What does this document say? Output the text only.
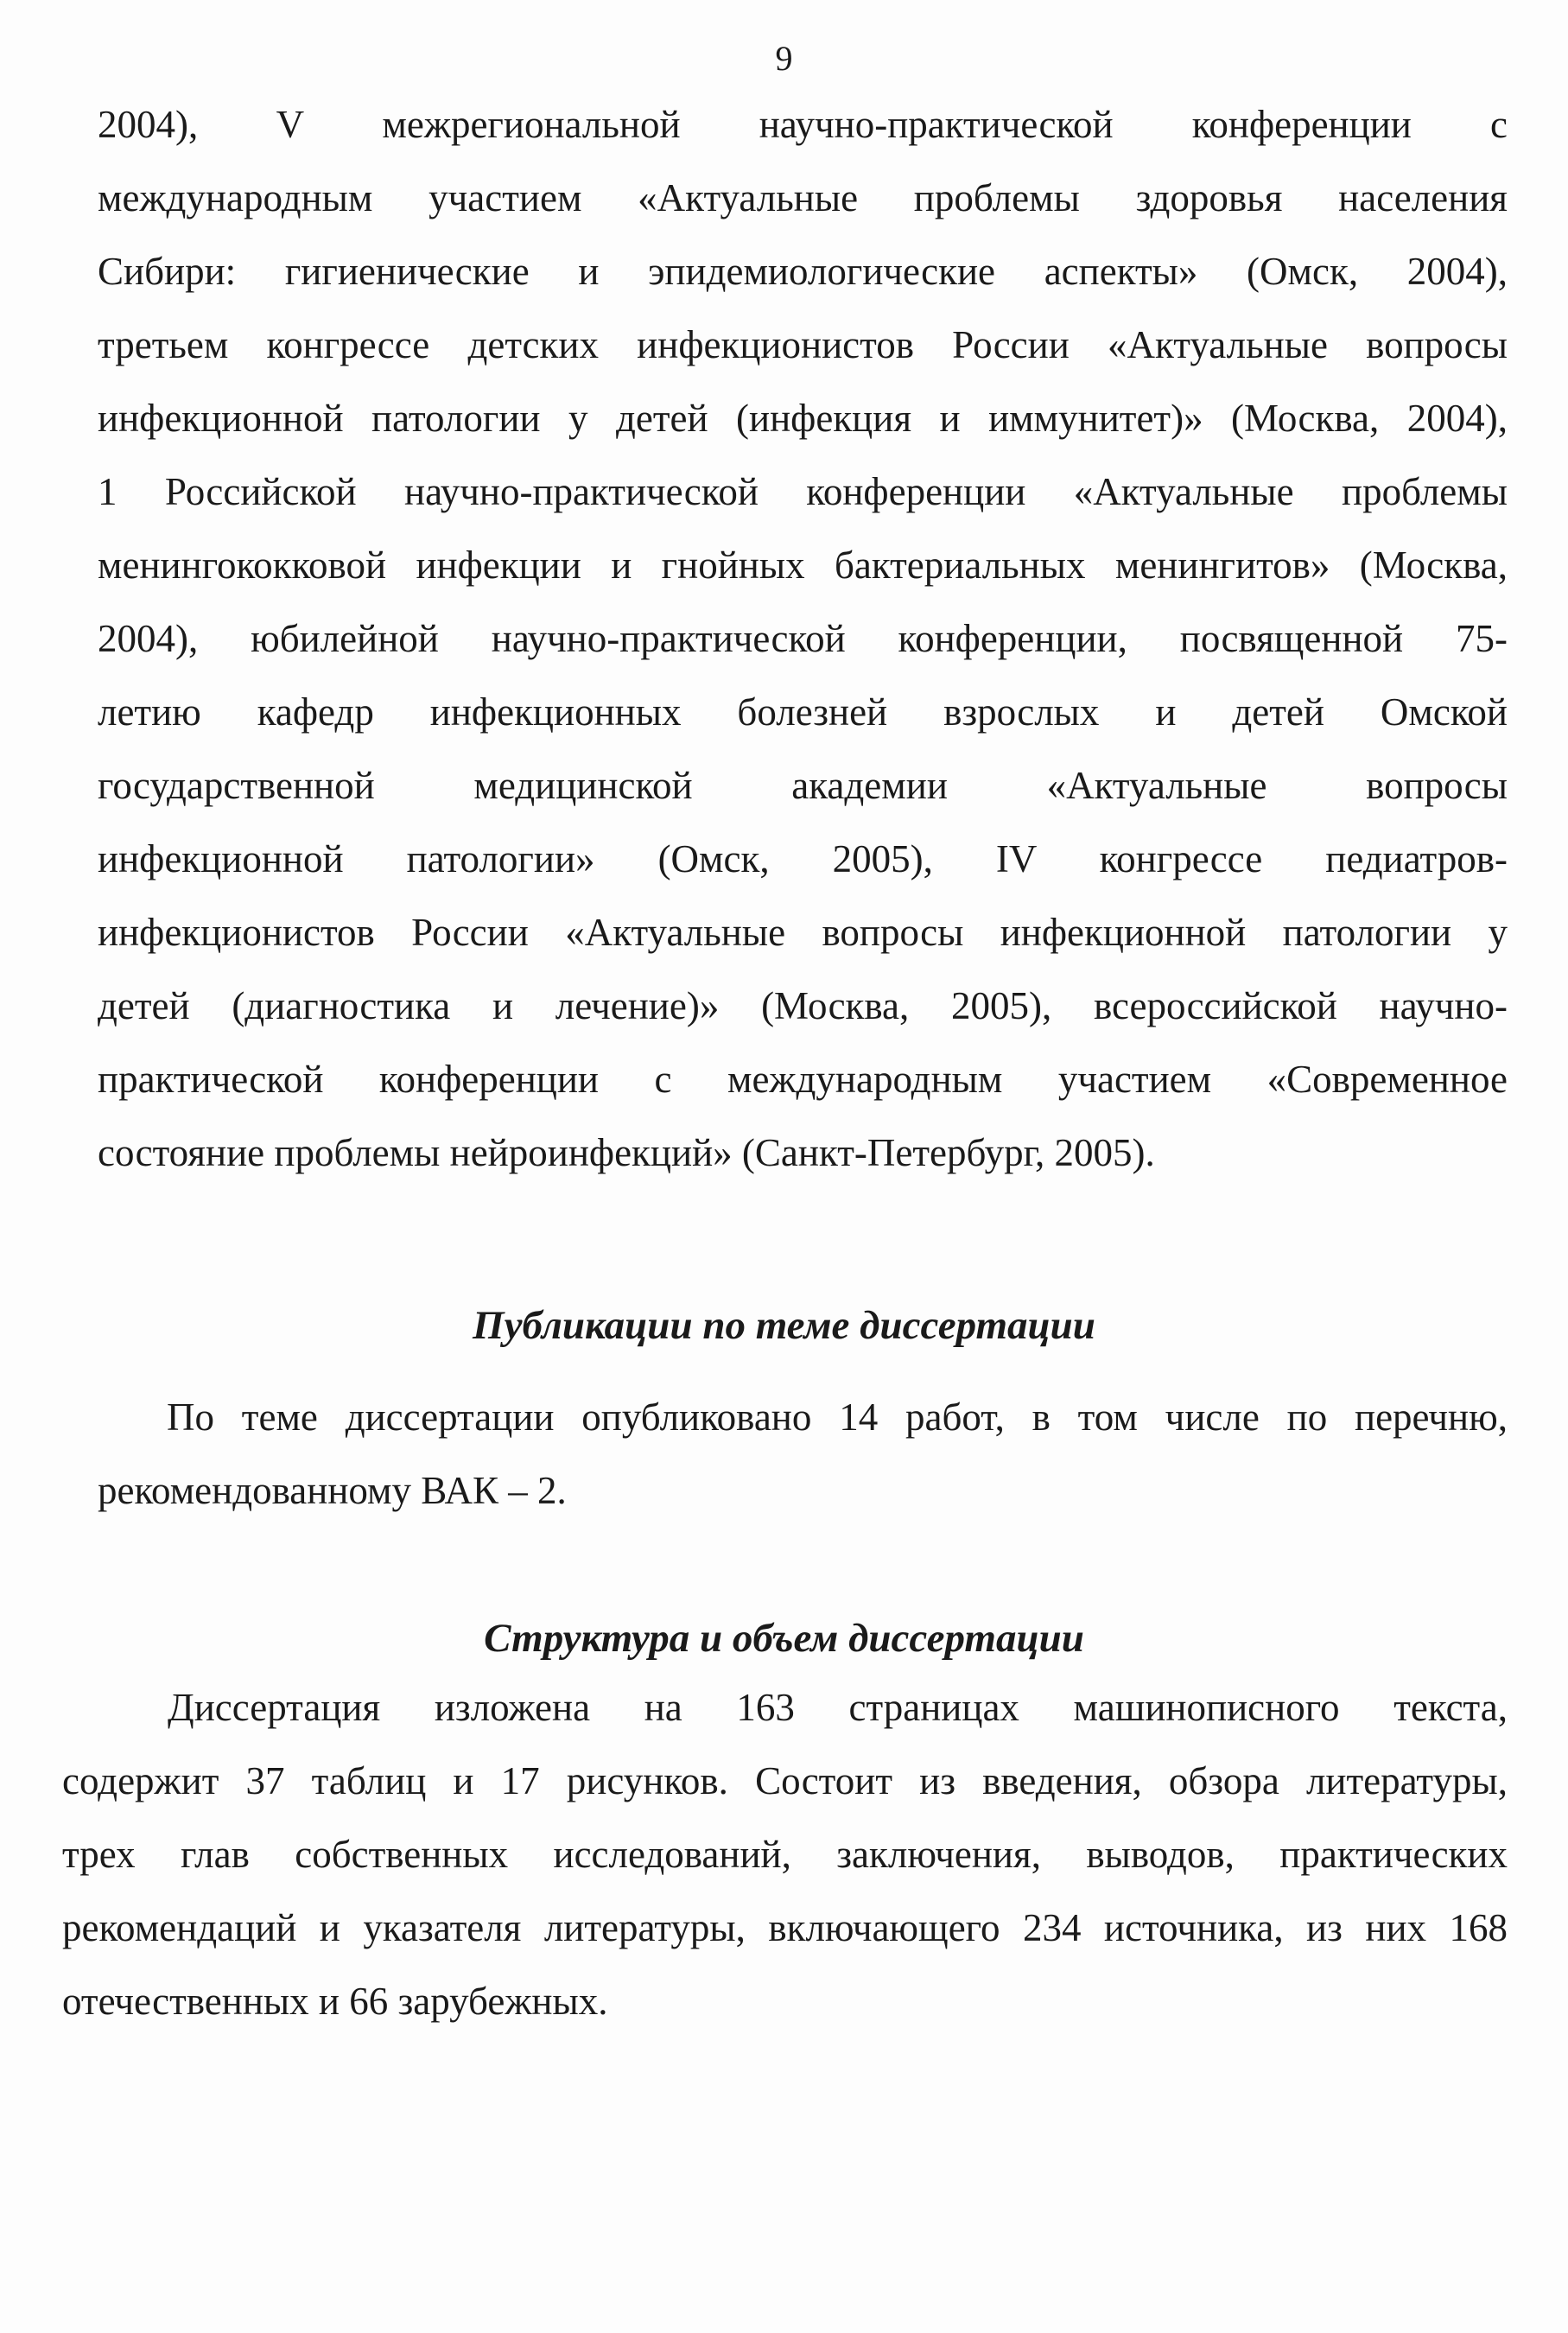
9
2004), V межрегиональной научно-практической конференции с
международным участием «Актуальные проблемы здоровья населения
Сибири: гигиенические и эпидемиологические аспекты» (Омск, 2004),
третьем конгрессе детских инфекционистов России «Актуальные вопросы
инфекционной патологии у детей (инфекция и иммунитет)» (Москва, 2004),
1 Российской научно-практической конференции «Актуальные проблемы
менингококковой инфекции и гнойных бактериальных менингитов» (Москва,
2004), юбилейной научно-практической конференции, посвященной 75-
летию кафедр инфекционных болезней взрослых и детей Омской
государственной медицинской академии «Актуальные вопросы
инфекционной патологии» (Омск, 2005), IV конгрессе педиатров-
инфекционистов России «Актуальные вопросы инфекционной патологии у
детей (диагностика и лечение)» (Москва, 2005), всероссийской научно-
практической конференции с международным участием «Современное
состояние проблемы нейроинфекций» (Санкт-Петербург, 2005).
Публикации по теме диссертации
По теме диссертации опубликовано 14 работ, в том числе по перечню,
рекомендованному ВАК – 2.
Структура и объем диссертации
Диссертация изложена на 163 страницах машинописного текста,
содержит 37 таблиц и 17 рисунков. Состоит из введения, обзора литературы,
трех глав собственных исследований, заключения, выводов, практических
рекомендаций и указателя литературы, включающего 234 источника, из них 168
отечественных и 66 зарубежных.
